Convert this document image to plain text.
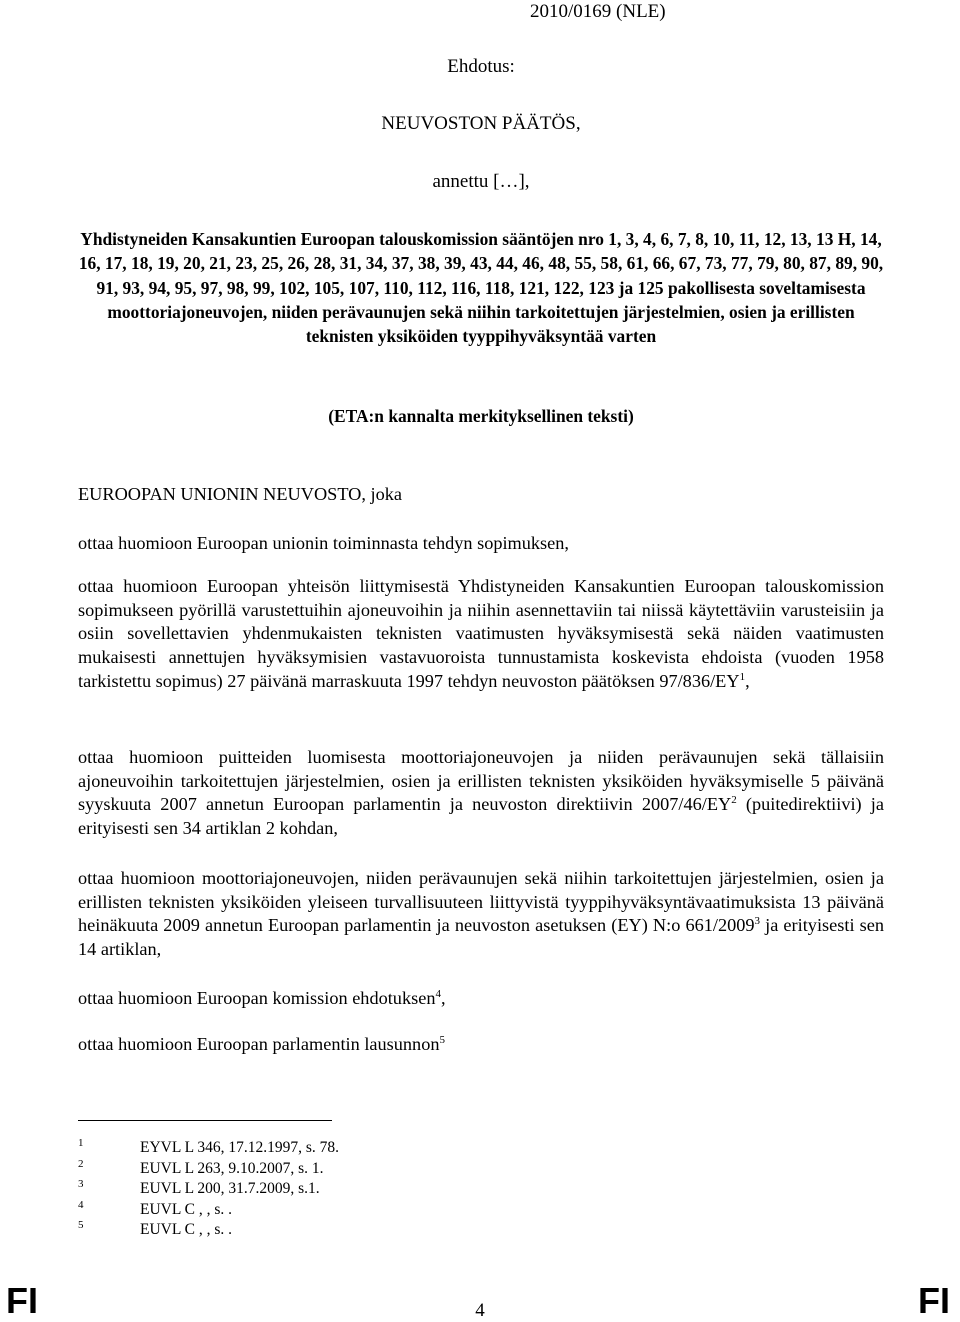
2010/0169 (NLE)
Ehdotus:
NEUVOSTON PÄÄTÖS,
annettu […],
Yhdistyneiden Kansakuntien Euroopan talouskomission sääntöjen nro 1, 3, 4, 6, 7, 8, 10, 11, 12, 13, 13 H, 14, 16, 17, 18, 19, 20, 21, 23, 25, 26, 28, 31, 34, 37, 38, 39, 43, 44, 46, 48, 55, 58, 61, 66, 67, 73, 77, 79, 80, 87, 89, 90, 91, 93, 94, 95, 97, 98, 99, 102, 105, 107, 110, 112, 116, 118, 121, 122, 123 ja 125 pakollisesta soveltamisesta moottoriajoneuvojen, niiden perävaunujen sekä niihin tarkoitettujen järjestelmien, osien ja erillisten teknisten yksiköiden tyyppihyväksyntää varten
(ETA:n kannalta merkityksellinen teksti)
EUROOPAN UNIONIN NEUVOSTO, joka
ottaa huomioon Euroopan unionin toiminnasta tehdyn sopimuksen,
ottaa huomioon Euroopan yhteisön liittymisestä Yhdistyneiden Kansakuntien Euroopan talouskomission sopimukseen pyörillä varustettuihin ajoneuvoihin ja niihin asennettaviin tai niissä käytettäviin varusteisiin ja osiin sovellettavien yhdenmukaisten teknisten vaatimusten hyväksymisestä sekä näiden vaatimusten mukaisesti annettujen hyväksymisien vastavuoroista tunnustamista koskevista ehdoista (vuoden 1958 tarkistettu sopimus) 27 päivänä marraskuuta 1997 tehdyn neuvoston päätöksen $97/836/EY^1$,
ottaa huomioon puitteiden luomisesta moottoriajoneuvojen ja niiden perävaunujen sekä tällaisiin ajoneuvoihin tarkoitettujen järjestelmien, osien ja erillisten teknisten yksiköiden hyväksymiselle 5 päivänä syyskuuta 2007 annetun Euroopan parlamentin ja neuvoston direktiivin $2007/46/EY^2$ (puitedirektiivi) ja erityisesti sen 34 artiklan 2 kohdan,
ottaa huomioon moottoriajoneuvojen, niiden perävaunujen sekä niihin tarkoitettujen järjestelmien, osien ja erillisten teknisten yksiköiden yleiseen turvallisuuteen liittyvistä tyyppihyväksyntävaatimuksista 13 päivänä heinäkuuta 2009 annetun Euroopan parlamentin ja neuvoston asetuksen (EY) N:o 661/2009$^3$ ja erityisesti sen 14 artiklan,
ottaa huomioon Euroopan komission ehdotuksen$^4$,
ottaa huomioon Euroopan parlamentin lausunnon$^5$
1	EYVL L 346, 17.12.1997, s. 78.
2	EUVL L 263, 9.10.2007, s. 1.
3	EUVL L 200, 31.7.2009, s.1.
4	EUVL C , , s. .
5	EUVL C , , s. .
FI	4	FI
